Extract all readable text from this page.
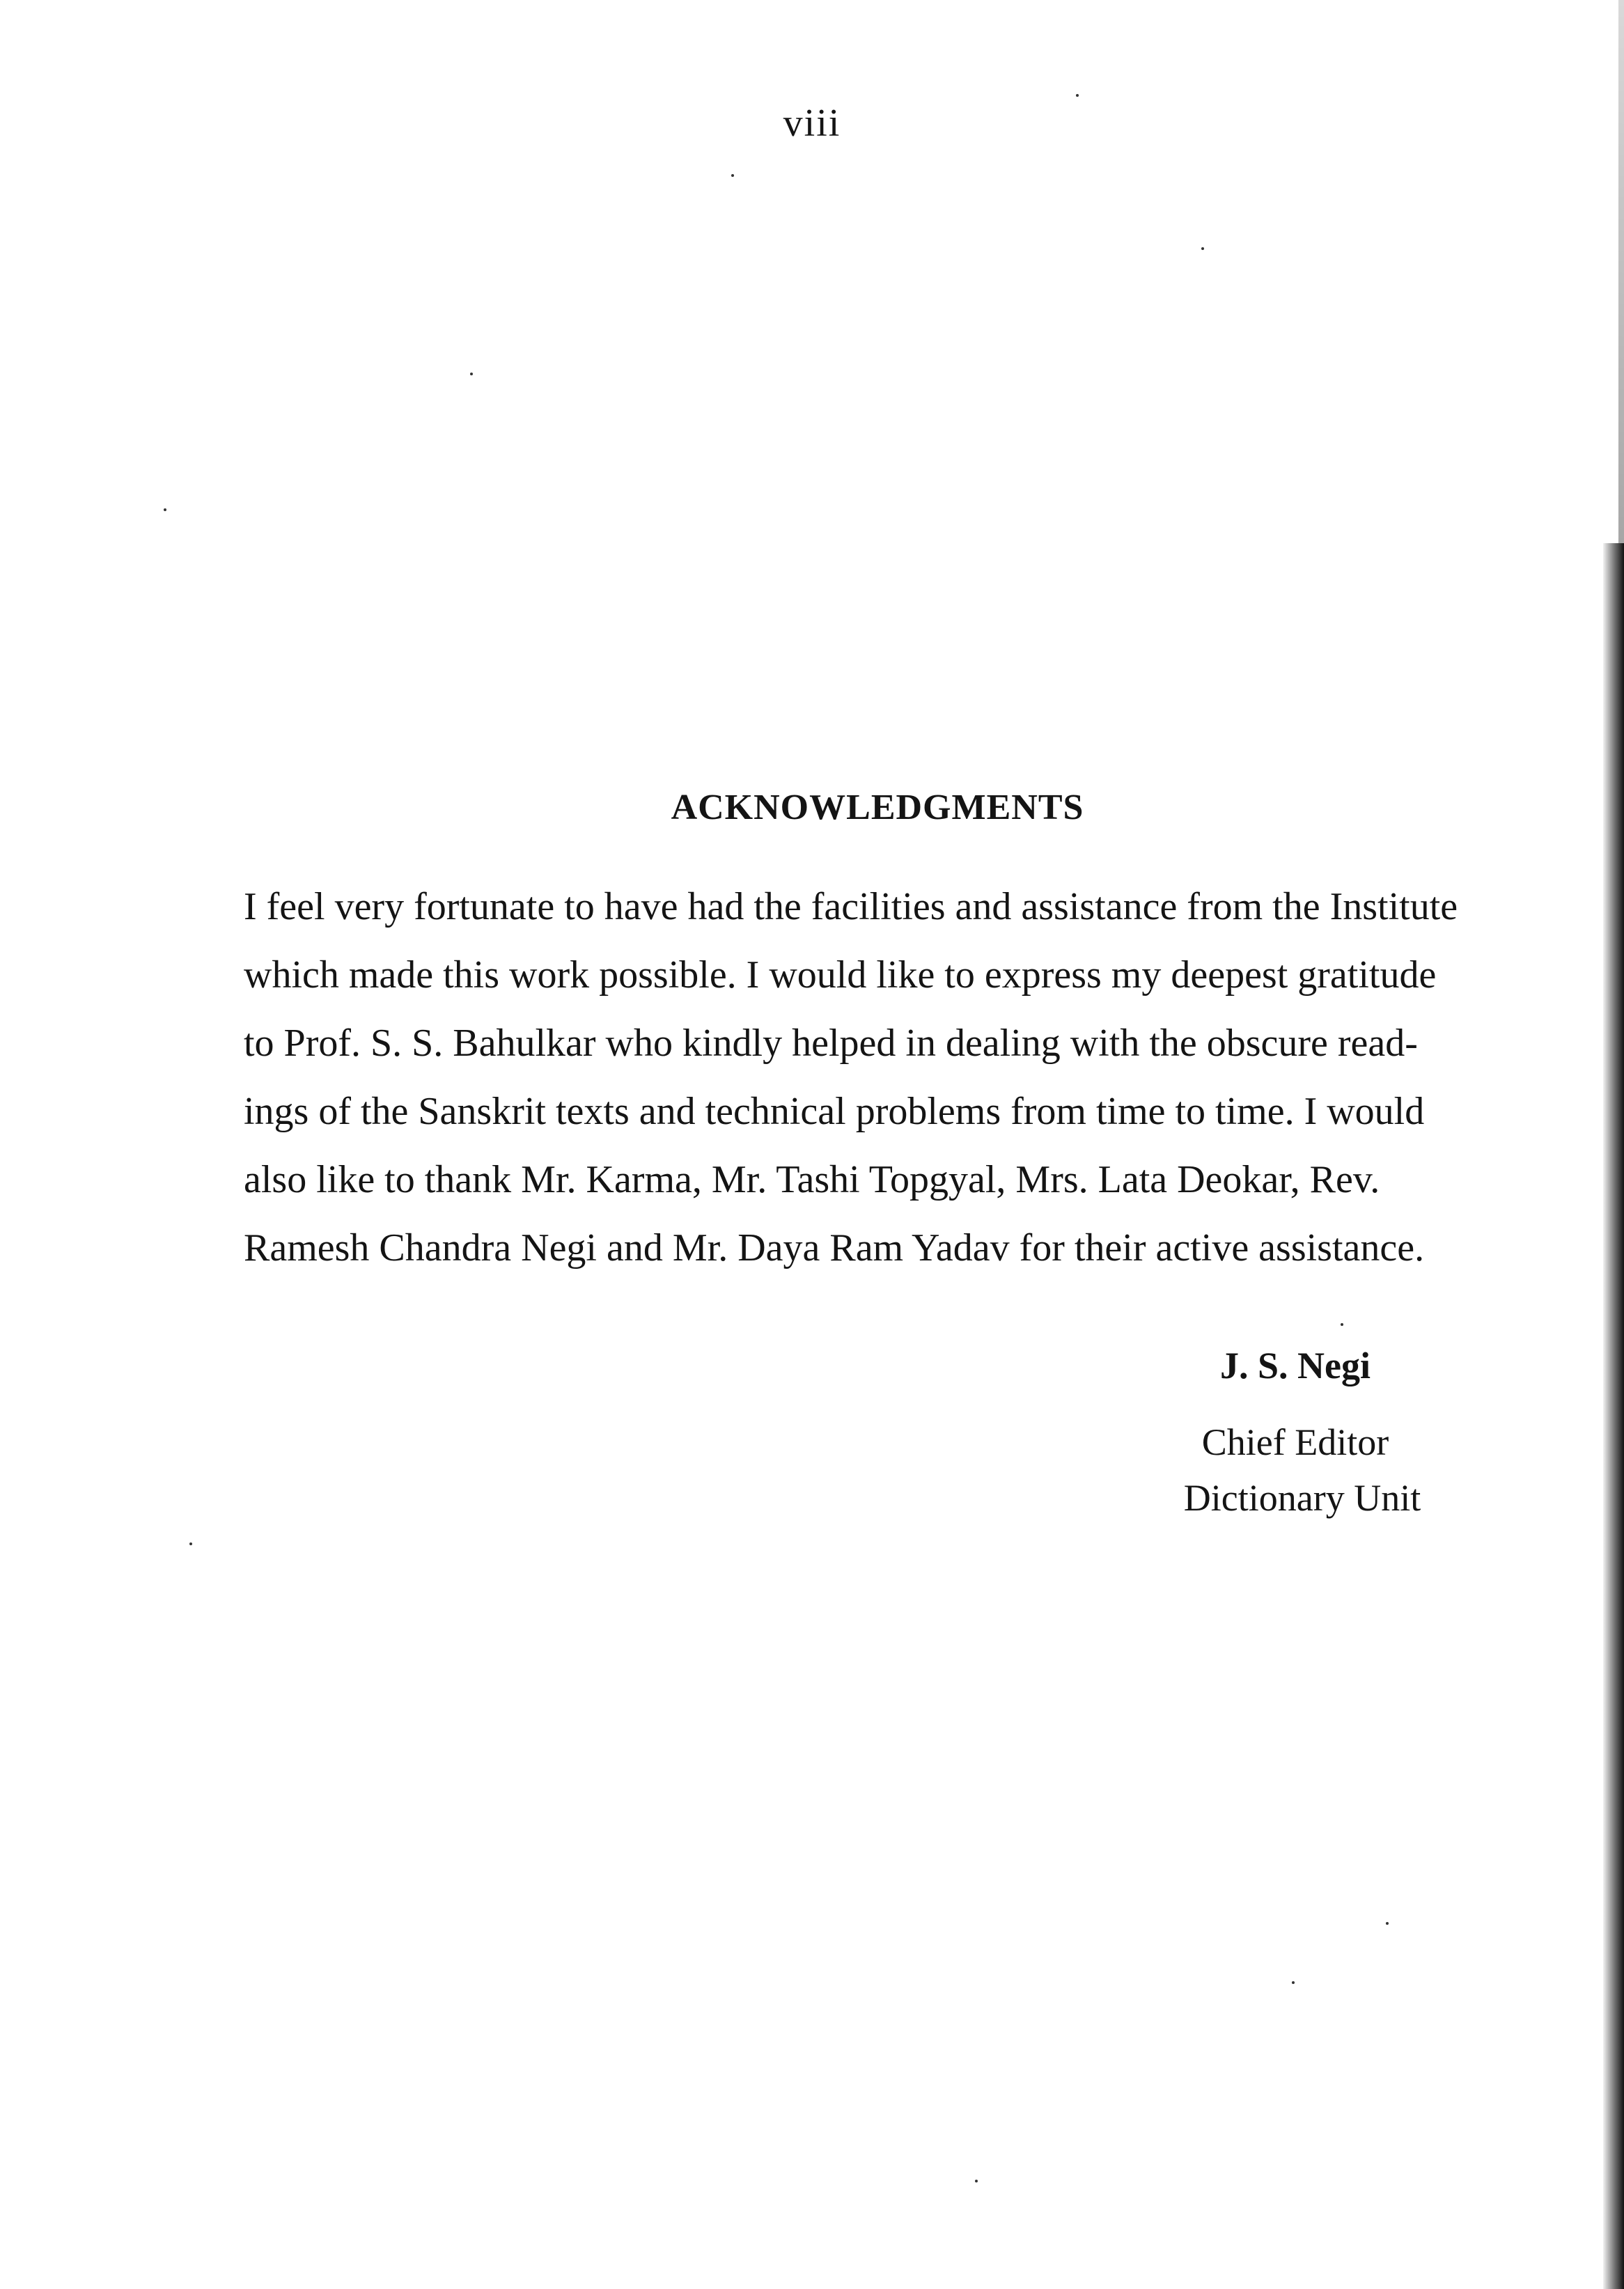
viii
ACKNOWLEDGMENTS
I feel very fortunate to have had the facilities and assistance from the Institute
which made this work possible. I would like to express my deepest gratitude
to Prof. S. S. Bahulkar who kindly helped in dealing with the obscure read-
ings of the Sanskrit texts and technical problems from time to time. I would
also like to thank Mr. Karma, Mr. Tashi Topgyal, Mrs. Lata Deokar, Rev.
Ramesh Chandra Negi and Mr. Daya Ram Yadav for their active assistance.
J. S. Negi
Chief Editor
Dictionary Unit
